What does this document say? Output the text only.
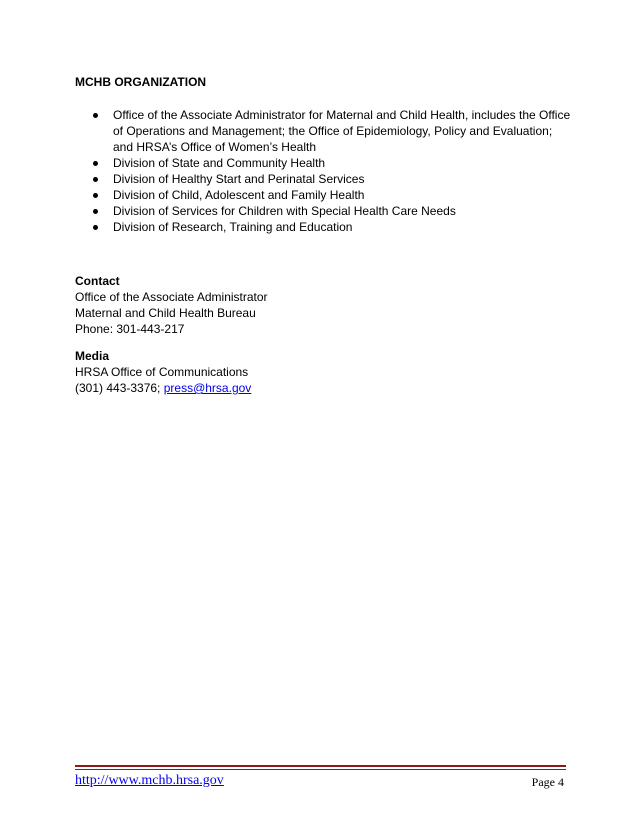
MCHB ORGANIZATION
Office of the Associate Administrator for Maternal and Child Health, includes the Office of Operations and Management; the Office of Epidemiology, Policy and Evaluation; and HRSA’s Office of Women’s Health
Division of State and Community Health
Division of Healthy Start and Perinatal Services
Division of Child, Adolescent and Family Health
Division of Services for Children with Special Health Care Needs
Division of Research, Training and Education
Contact
Office of the Associate Administrator
Maternal and Child Health Bureau
Phone: 301-443-217
Media
HRSA Office of Communications
(301) 443-3376; press@hrsa.gov
http://www.mchb.hrsa.gov	Page 4
